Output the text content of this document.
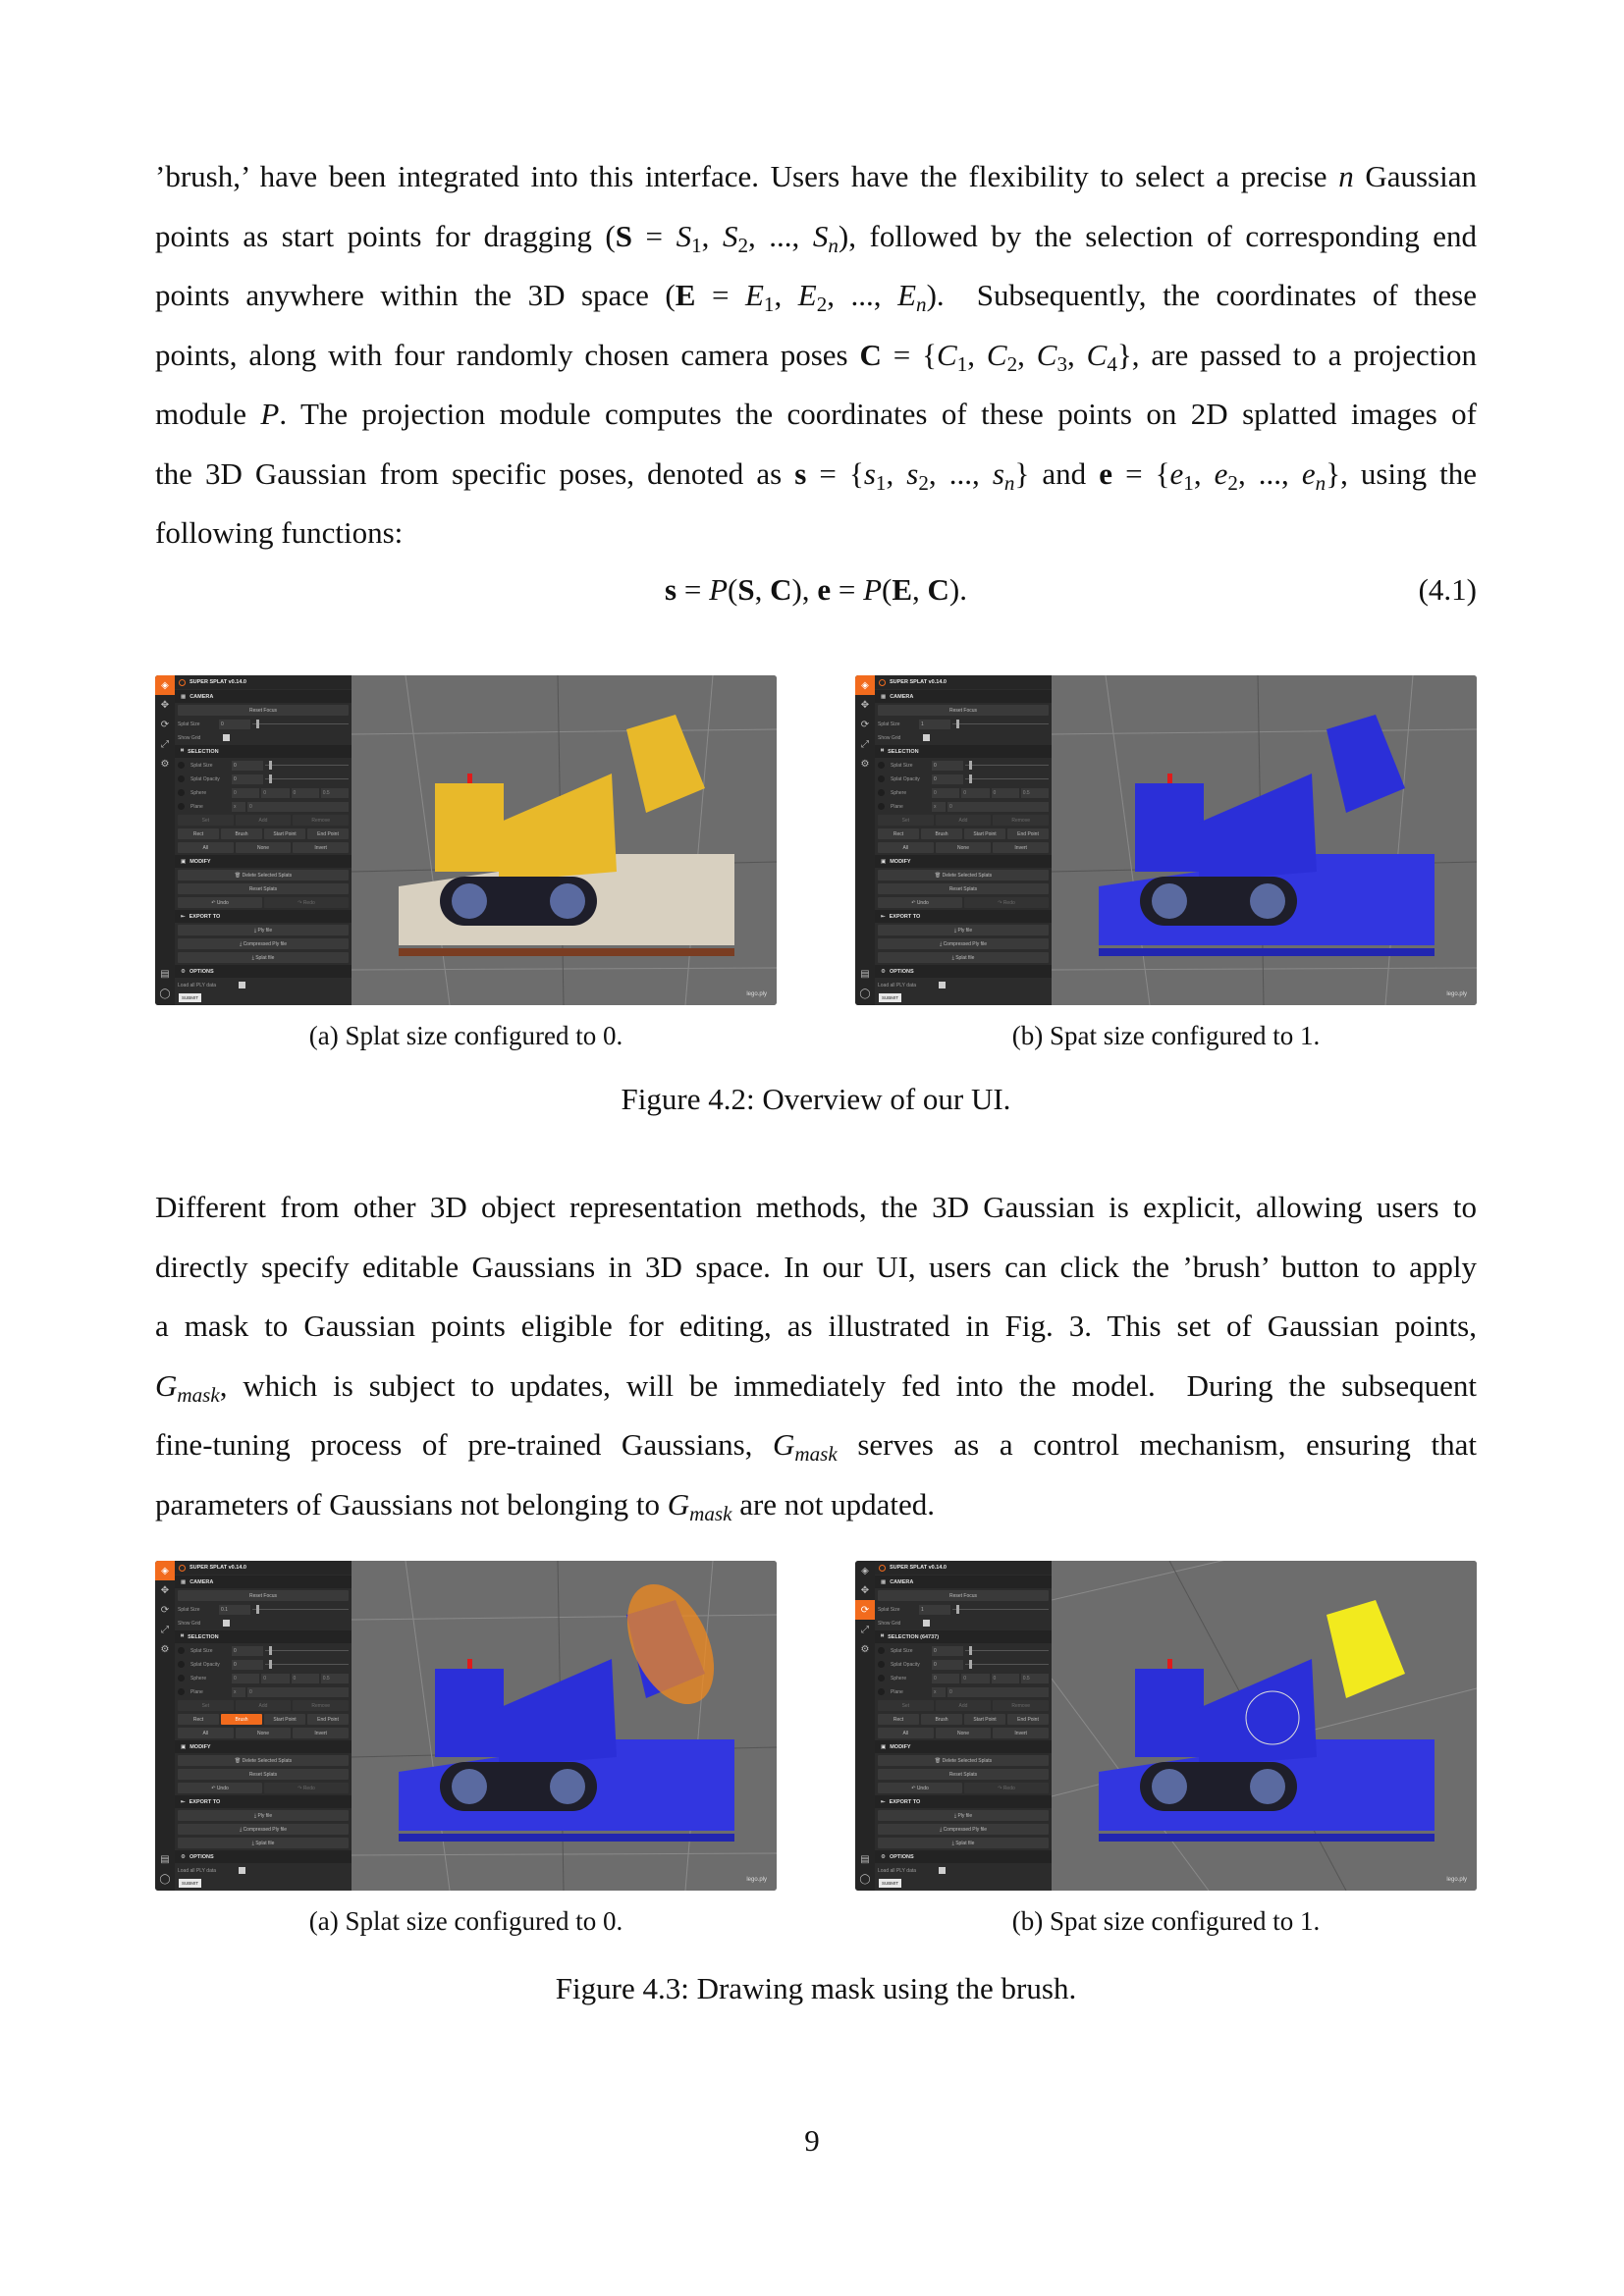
’brush,’ have been integrated into this interface. Users have the flexibility to select a precise n Gaussian
points as start points for dragging ($S = S_1$, $S_2$, ..., $S_n$), followed by the selection of corresponding end
points anywhere within the 3D space ($E = E_1$, $E_2$, ..., $E_n$).  Subsequently, the coordinates of these
points, along with four randomly chosen camera poses $C = \{C_1$, $C_2$, $C_3$, $C_4$}, are passed to a projection
module P. The projection module computes the coordinates of these points on 2D splatted images of
the 3D Gaussian from specific poses, denoted as $s = \{s_1$, $s_2$, ..., $s_n$} and $e = \{e_1$, $e_2$, ..., $e_n$}, using the
following functions:
s = P(S, C), e = P(E, C).	(4.1)
◈
✥
⟳
⤢
⚙
▤
◯
SUPER SPLAT v0.14.0
▦ CAMERA
Reset Focus
Splat Size	0
Show Grid
⌗ SELECTION
Splat Size	0
Splat Opacity	0
Sphere	0	0	0	0.5
Plane	x	0
Set	Add	Remove
Rect	Brush	Start Point	End Point
All	None	Invert
▣ MODIFY
🗑 Delete Selected Splats
Reset Splats
↶ Undo	↷ Redo
⇤ EXPORT TO
⤓ Ply file
⤓ Compressed Ply file
⤓ Splat file
⚙ OPTIONS
Load all PLY data
SUBMIT
lego.ply
◈
✥
⟳
⤢
⚙
▤
◯
SUPER SPLAT v0.14.0
▦ CAMERA
Reset Focus
Splat Size	1
Show Grid
⌗ SELECTION
Splat Size	0
Splat Opacity	0
Sphere	0	0	0	0.5
Plane	x	0
Set	Add	Remove
Rect	Brush	Start Point	End Point
All	None	Invert
▣ MODIFY
🗑 Delete Selected Splats
Reset Splats
↶ Undo	↷ Redo
⇤ EXPORT TO
⤓ Ply file
⤓ Compressed Ply file
⤓ Splat file
⚙ OPTIONS
Load all PLY data
SUBMIT
lego.ply
(a) Splat size configured to 0.	(b) Spat size configured to 1.
Figure 4.2: Overview of our UI.
Different from other 3D object representation methods, the 3D Gaussian is explicit, allowing users to
directly specify editable Gaussians in 3D space. In our UI, users can click the ’brush’ button to apply
a mask to Gaussian points eligible for editing, as illustrated in Fig. 3. This set of Gaussian points,
$G_{mask}$, which is subject to updates, will be immediately fed into the model.  During the subsequent
fine-tuning process of pre-trained Gaussians, $G_{mask}$ serves as a control mechanism, ensuring that
parameters of Gaussians not belonging to $G_{mask}$ are not updated.
◈
✥
⟳
⤢
⚙
▤
◯
SUPER SPLAT v0.14.0
▦ CAMERA
Reset Focus
Splat Size	0.1
Show Grid
⌗ SELECTION
Splat Size	0
Splat Opacity	0
Sphere	0	0	0	0.5
Plane	x	0
Set	Add	Remove
Rect	Brush	Start Point	End Point
All	None	Invert
▣ MODIFY
🗑 Delete Selected Splats
Reset Splats
↶ Undo	↷ Redo
⇤ EXPORT TO
⤓ Ply file
⤓ Compressed Ply file
⤓ Splat file
⚙ OPTIONS
Load all PLY data
SUBMIT
lego.ply
◈
✥
⟳
⤢
⚙
▤
◯
SUPER SPLAT v0.14.0
▦ CAMERA
Reset Focus
Splat Size	1
Show Grid
⌗ SELECTION (64737)
Splat Size	0
Splat Opacity	0
Sphere	0	0	0	0.5
Plane	x	0
Set	Add	Remove
Rect	Brush	Start Point	End Point
All	None	Invert
▣ MODIFY
🗑 Delete Selected Splats
Reset Splats
↶ Undo	↷ Redo
⇤ EXPORT TO
⤓ Ply file
⤓ Compressed Ply file
⤓ Splat file
⚙ OPTIONS
Load all PLY data
SUBMIT
lego.ply
(a) Splat size configured to 0.	(b) Spat size configured to 1.
Figure 4.3: Drawing mask using the brush.
9
